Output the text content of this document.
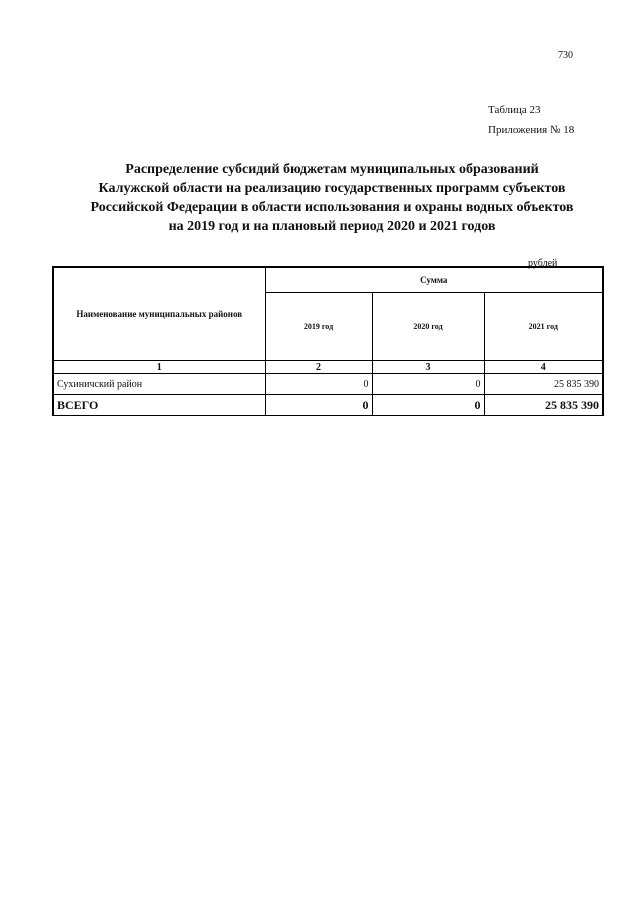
730
Таблица 23
Приложения № 18
Распределение субсидий бюджетам муниципальных образований
Калужской области на реализацию государственных программ субъектов
Российской Федерации в области использования и охраны водных объектов
на 2019 год и на плановый период 2020 и 2021 годов
рублей
Наименование муниципальных районов	Сумма		
	2019 год	2020 год	2021 год
1	2	3	4
Сухиничский район	0	0	25 835 390
ВСЕГО	0	0	25 835 390
